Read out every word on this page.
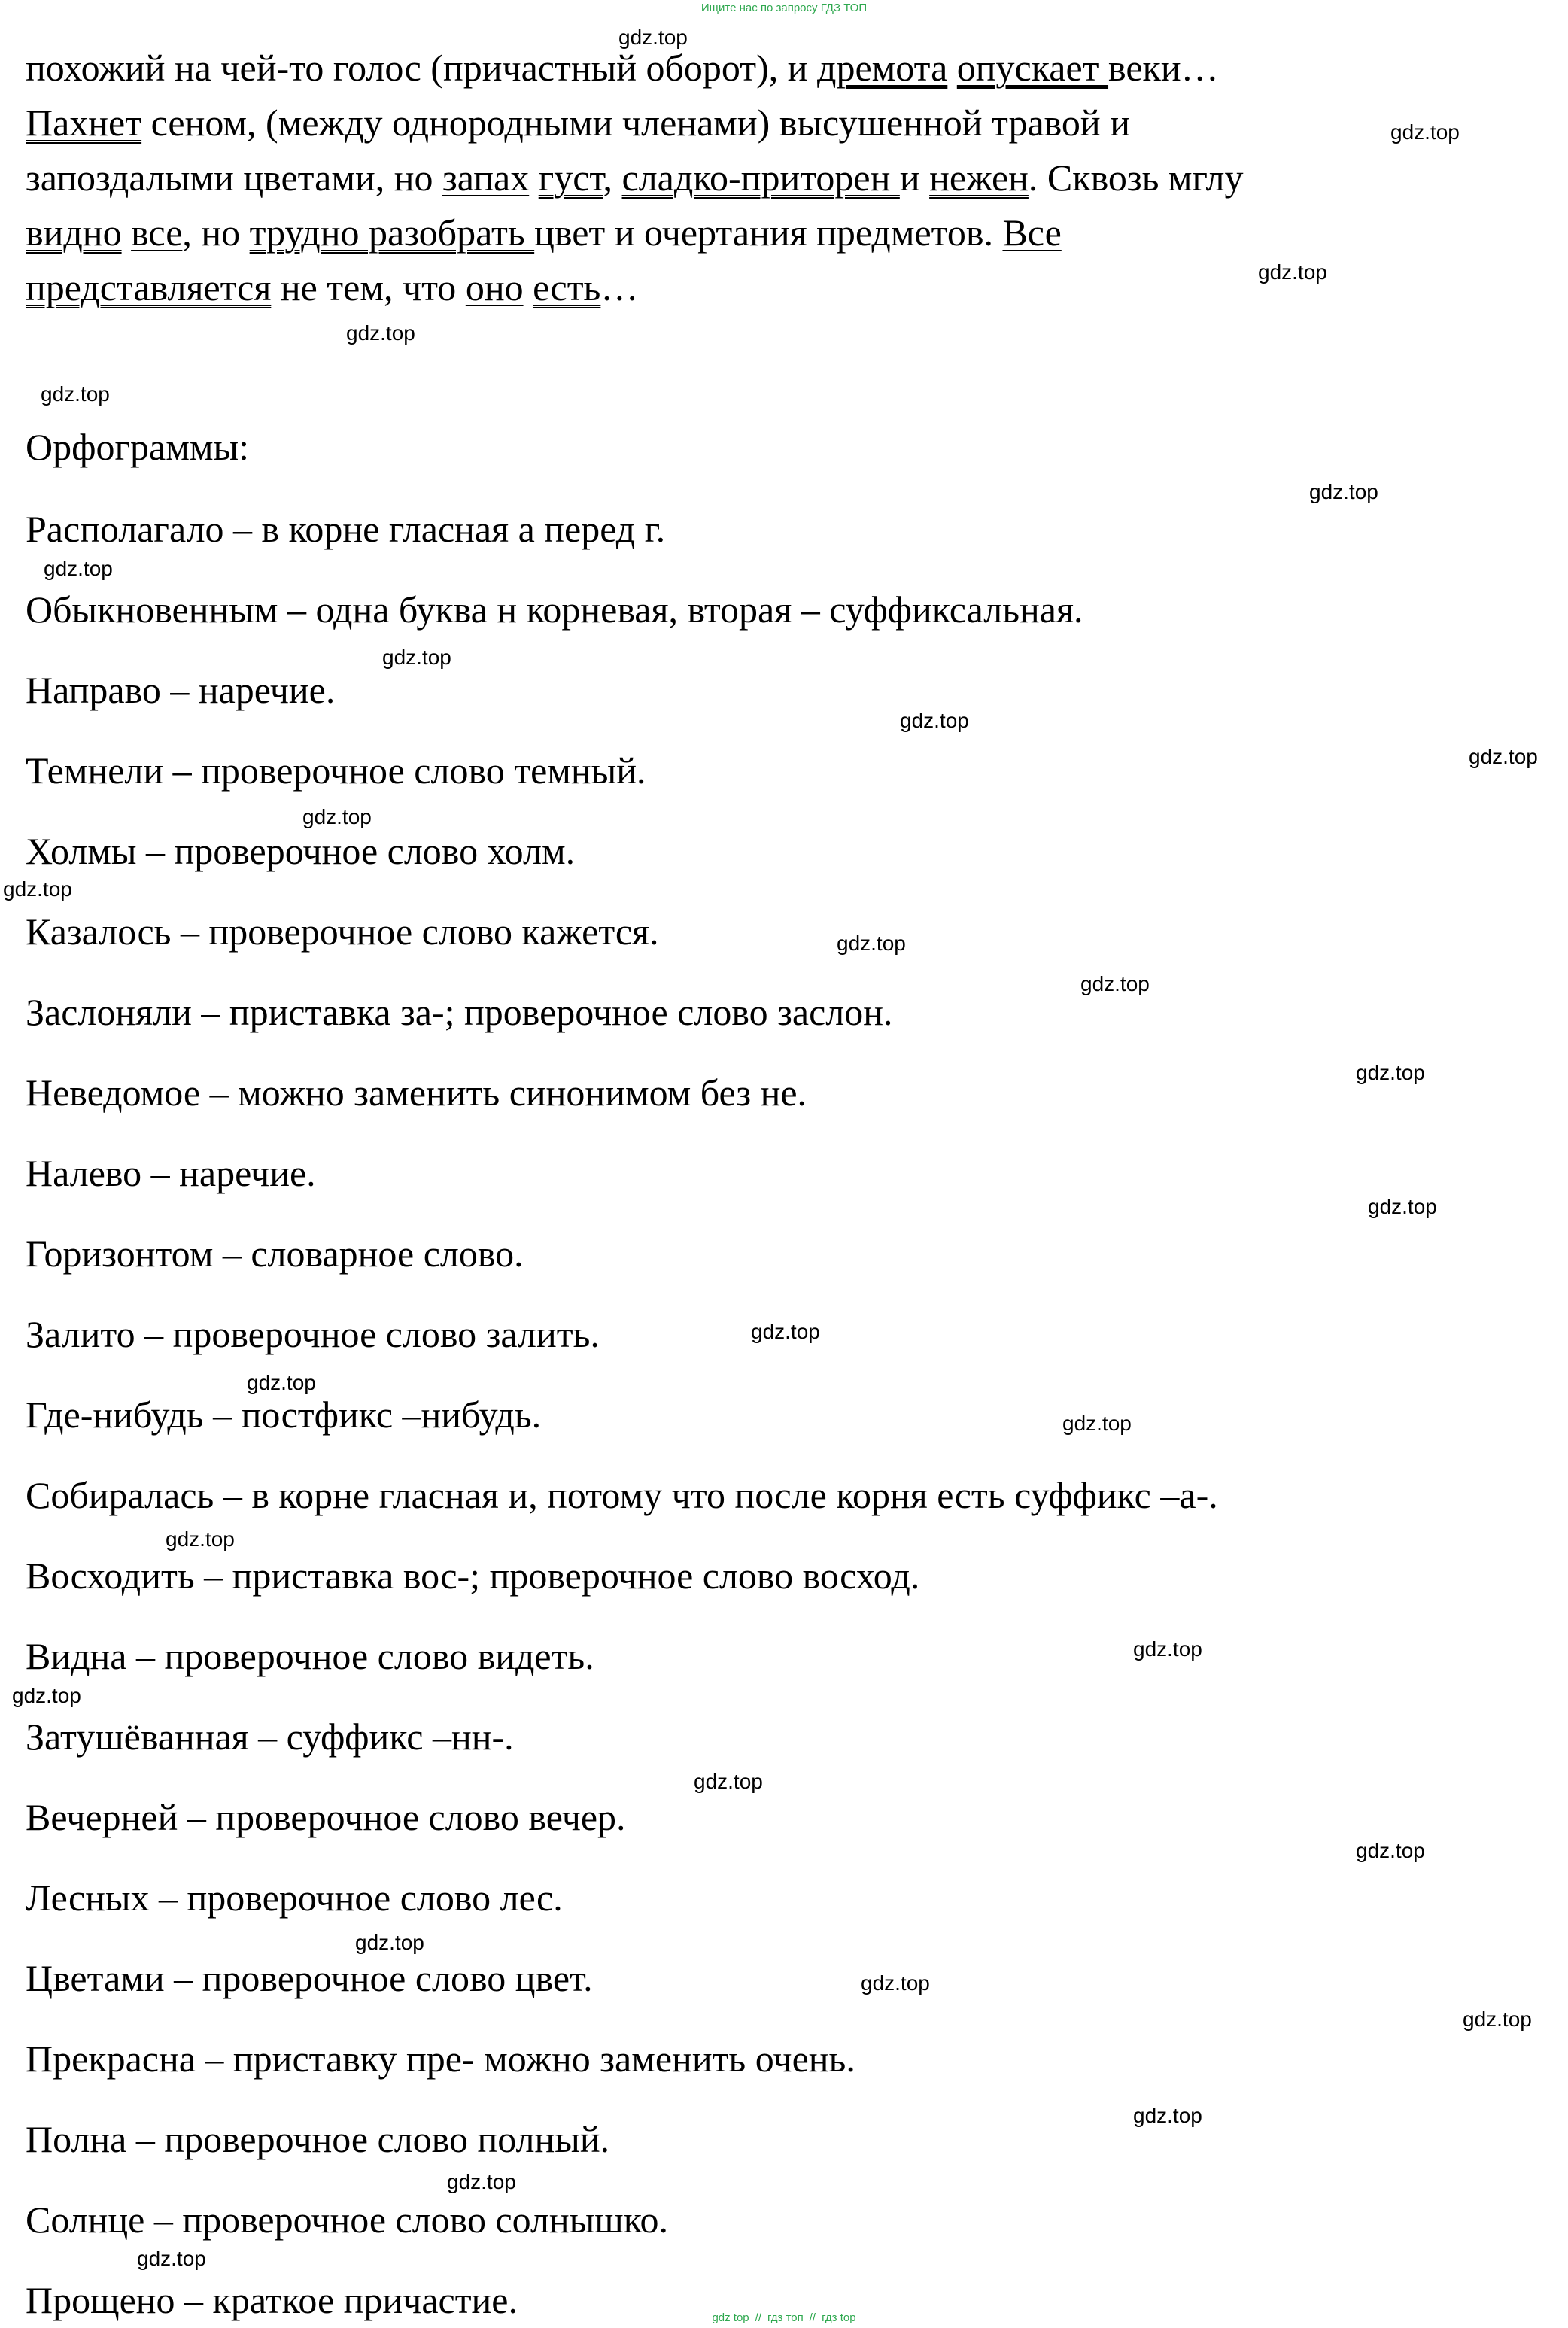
Ищите нас по запросу ГДЗ ТОП
похожий на чей-то голос (причастный оборот), и дремота опускает веки…
Пахнет сеном, (между однородными членами) высушенной травой и
запоздалыми цветами, но запах густ, сладко-приторен и нежен. Сквозь мглу
видно все, но трудно разобрать цвет и очертания предметов. Все
представляется не тем, что оно есть…
Орфограммы:
Располагало – в корне гласная а перед г.
Обыкновенным – одна буква н корневая, вторая – суффиксальная.
Направо – наречие.
Темнели – проверочное слово темный.
Холмы – проверочное слово холм.
Казалось – проверочное слово кажется.
Заслоняли – приставка за-; проверочное слово заслон.
Неведомое – можно заменить синонимом без не.
Налево – наречие.
Горизонтом – словарное слово.
Залито – проверочное слово залить.
Где-нибудь – постфикс –нибудь.
Собиралась – в корне гласная и, потому что после корня есть суффикс –а-.
Восходить – приставка вос-; проверочное слово восход.
Видна – проверочное слово видеть.
Затушёванная – суффикс –нн-.
Вечерней – проверочное слово вечер.
Лесных – проверочное слово лес.
Цветами – проверочное слово цвет.
Прекрасна – приставку пре- можно заменить очень.
Полна – проверочное слово полный.
Солнце – проверочное слово солнышко.
Прощено – краткое причастие.
gdz.top
gdz.top
gdz.top
gdz.top
gdz.top
gdz.top
gdz.top
gdz.top
gdz.top
gdz.top
gdz.top
gdz.top
gdz.top
gdz.top
gdz.top
gdz.top
gdz.top
gdz.top
gdz.top
gdz.top
gdz.top
gdz.top
gdz.top
gdz.top
gdz.top
gdz.top
gdz.top
gdz.top
gdz.top
gdz.top
gdz top // гдз топ // гдз top
